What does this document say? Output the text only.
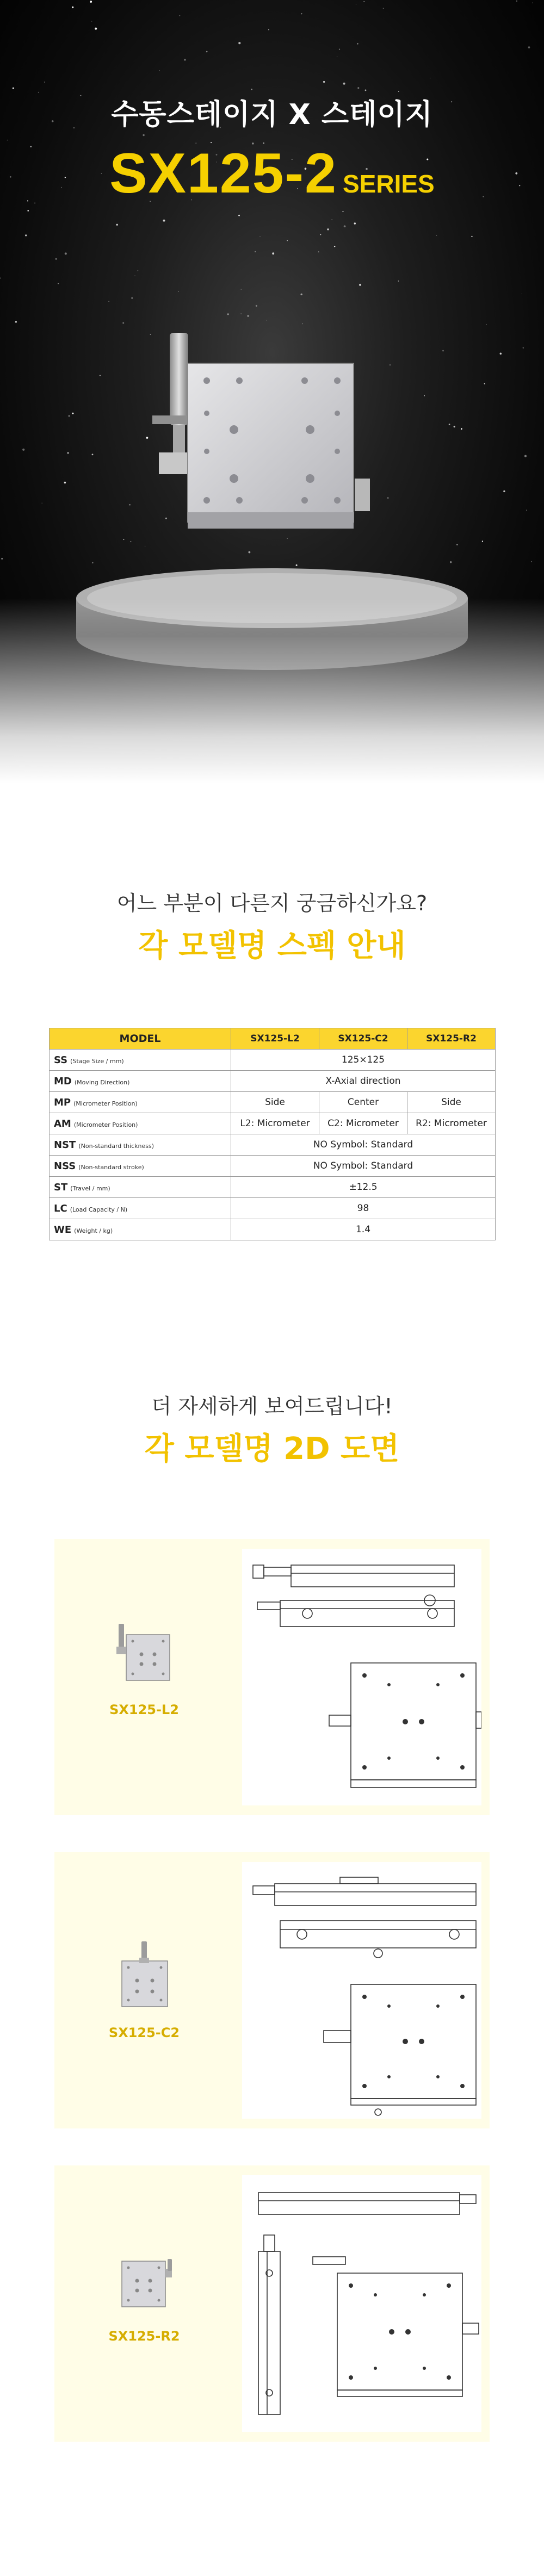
수동스테이지 X 스테이지

SX125-2 SERIES

어느 부분이 다른지 궁금하신가요?

각 모델명 스펙 안내

MODEL	SX125-L2	SX125-C2	SX125-R2
SS (Stage Size / mm)	125×125		
MD (Moving Direction)	X-Axial direction		
MP (Micrometer Position)	Side	Center	Side
AM (Micrometer Position)	L2: Micrometer	C2: Micrometer	R2: Micrometer
NST (Non-standard thickness)	NO Symbol: Standard		
NSS (Non-standard stroke)	NO Symbol: Standard		
ST (Travel / mm)	±12.5		
LC (Load Capacity / N)	98		
WE (Weight / kg)	1.4		

더 자세하게 보여드립니다!

각 모델명 2D 도면

SX125-L2

SX125-C2

SX125-R2
